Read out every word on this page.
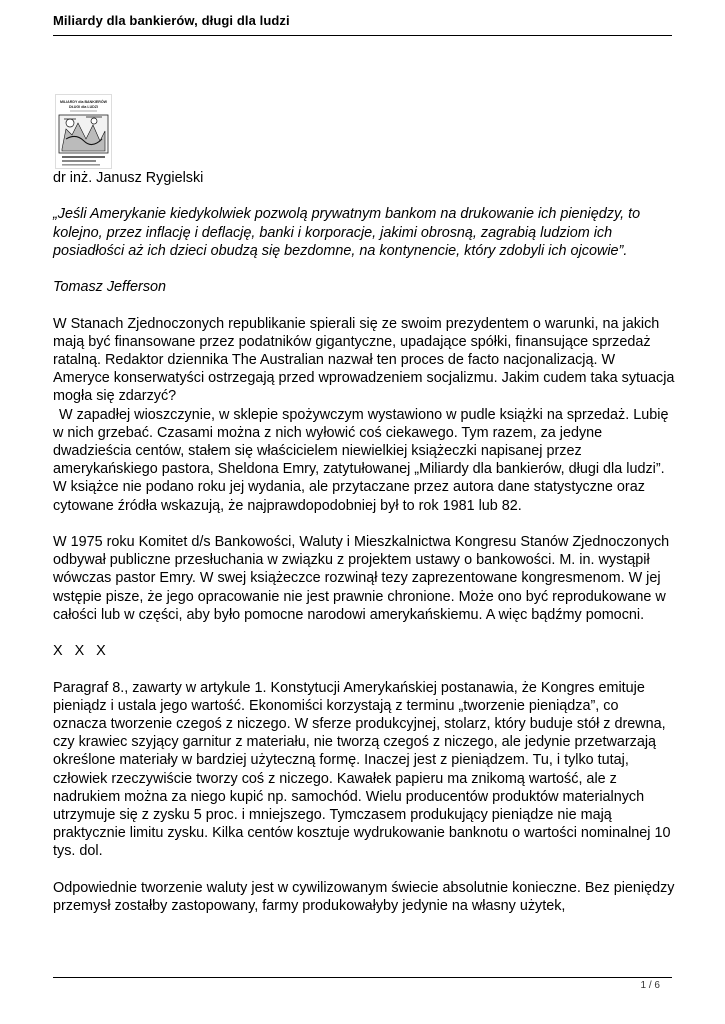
Miliardy dla bankierów, długi dla ludzi
MILIARDY dla BANKIERÓW
DŁUGI dla LUDZI

dr inż. Janusz Rygielski

„Jeśli Amerykanie kiedykolwiek pozwolą prywatnym bankom na drukowanie ich pieniędzy, to kolejno, przez inflację i deflację, banki i korporacje, jakimi obrosną, zagrabią ludziom ich posiadłości aż ich dzieci obudzą się bezdomne, na kontynencie, który zdobyli ich ojcowie”.

Tomasz Jefferson

W Stanach Zjednoczonych republikanie spierali się ze swoim prezydentem o warunki, na jakich mają być finansowane przez podatników gigantyczne, upadające spółki, finansujące sprzedaż ratalną. Redaktor dziennika The Australian nazwał ten proces de facto nacjonalizacją. W Ameryce konserwatyści ostrzegają przed wprowadzeniem socjalizmu. Jakim cudem taka sytuacja mogła się zdarzyć?

W zapadłej wioszczynie, w sklepie spożywczym wystawiono w pudle książki na sprzedaż. Lubię w nich grzebać. Czasami można z nich wyłowić coś ciekawego. Tym razem, za jedyne dwadzieścia centów, stałem się właścicielem niewielkiej książeczki napisanej przez amerykańskiego pastora, Sheldona Emry, zatytułowanej „Miliardy dla bankierów, długi dla ludzi”. W książce nie podano roku jej wydania, ale przytaczane przez autora dane statystyczne oraz cytowane źródła wskazują, że najprawdopodobniej był to rok 1981 lub 82.

W 1975 roku Komitet d/s Bankowości, Waluty i Mieszkalnictwa Kongresu Stanów Zjednoczonych odbywał publiczne przesłuchania w związku z projektem ustawy o bankowości. M. in. wystąpił wówczas pastor Emry. W swej książeczce rozwinął tezy zaprezentowane kongresmenom. W jej wstępie pisze, że jego opracowanie nie jest prawnie chronione. Może ono być reprodukowane w całości lub w części, aby było pomocne narodowi amerykańskiemu. A więc bądźmy pomocni.

X   X   X

Paragraf 8., zawarty w artykule 1. Konstytucji Amerykańskiej postanawia, że Kongres emituje pieniądz i ustala jego wartość. Ekonomiści korzystają z terminu „tworzenie pieniądza”, co oznacza tworzenie czegoś z niczego. W sferze produkcyjnej, stolarz, który buduje stół z drewna, czy krawiec szyjący garnitur z materiału, nie tworzą czegoś z niczego, ale jedynie przetwarzają określone materiały w bardziej użyteczną formę. Inaczej jest z pieniądzem. Tu, i tylko tutaj, człowiek rzeczywiście tworzy coś z niczego. Kawałek papieru ma znikomą wartość, ale z nadrukiem można za niego kupić np. samochód. Wielu producentów produktów materialnych utrzymuje się z zysku 5 proc. i mniejszego. Tymczasem produkujący pieniądze nie mają praktycznie limitu zysku. Kilka centów kosztuje wydrukowanie banknotu o wartości nominalnej 10 tys. dol.

Odpowiednie tworzenie waluty jest w cywilizowanym świecie absolutnie konieczne. Bez pieniędzy przemysł zostałby zastopowany, farmy produkowałyby jedynie na własny użytek,

1 / 6
